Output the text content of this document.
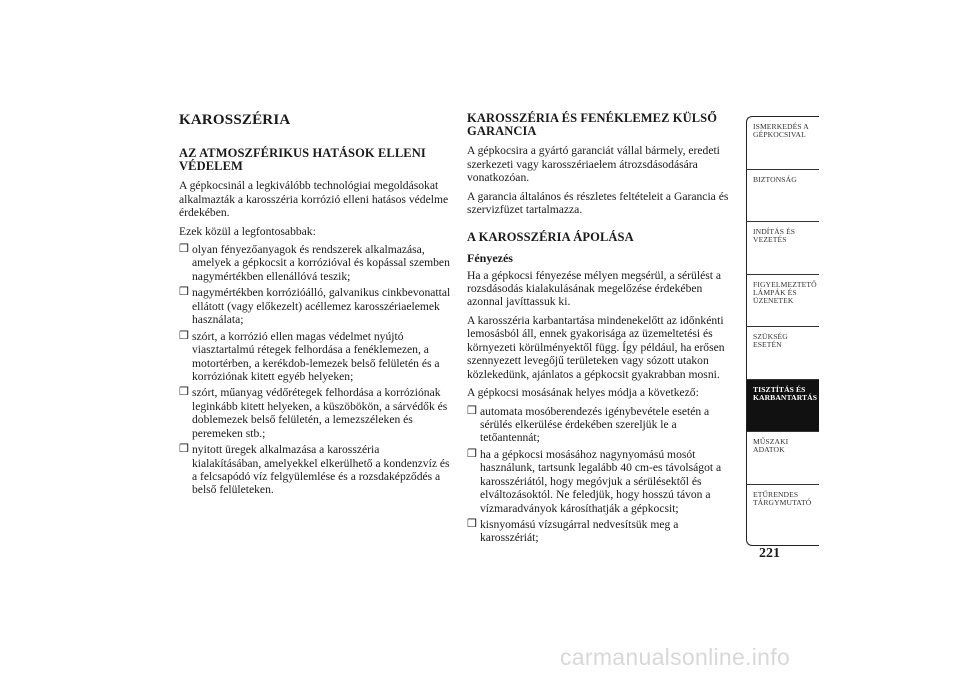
KAROSSZÉRIA
AZ ATMOSZFÉRIKUS HATÁSOK ELLENI VÉDELEM

A gépkocsinál a legkiválóbb technológiai megoldásokat alkalmazták a karosszéria korrózió elleni hatásos védelme érdekében.

Ezek közül a legfontosabbak:

❒ olyan fényezőanyagok és rendszerek alkalmazása, amelyek a gépkocsit a korrózióval és kopással szemben nagymértékben ellenállóvá teszik;
❒ nagymértékben korrózióálló, galvanikus cinkbevonattal ellátott (vagy előkezelt) acéllemez karosszériaelemek használata;
❒ szórt, a korrózió ellen magas védelmet nyújtó viasztartalmú rétegek felhordása a fenéklemezen, a motortérben, a kerékdob-lemezek belső felületén és a korróziónak kitett egyéb helyeken;
❒ szórt, műanyag védőrétegek felhordása a korróziónak leginkább kitett helyeken, a küszöbökön, a sárvédők és doblemezek belső felületén, a lemezszéleken és peremeken stb.;
❒ nyitott üregek alkalmazása a karosszéria kialakításában, amelyekkel elkerülhető a kondenzvíz és a felcsapódó víz felgyülemlése és a rozsdaképződés a belső felületeken.
KAROSSZÉRIA ÉS FENÉKLEMEZ KÜLSŐ GARANCIA

A gépkocsira a gyártó garanciát vállal bármely, eredeti szerkezeti vagy karosszériaelem átrozsdásodására vonatkozóan.

A garancia általános és részletes feltételeit a Garancia és szervizfüzet tartalmazza.

A KAROSSZÉRIA ÁPOLÁSA
Fényezés

Ha a gépkocsi fényezése mélyen megsérül, a sérülést a rozsdásodás kialakulásának megelőzése érdekében azonnal javíttassuk ki.

A karosszéria karbantartása mindenekelőtt az időnkénti lemosásból áll, ennek gyakorisága az üzemeltetési és környezeti körülményektől függ. Így például, ha erősen szennyezett levegőjű területeken vagy sózott utakon közlekedünk, ajánlatos a gépkocsit gyakrabban mosni.

A gépkocsi mosásának helyes módja a következő:

❒ automata mosóberendezés igénybevétele esetén a sérülés elkerülése érdekében szereljük le a tetőantennát;
❒ ha a gépkocsi mosásához nagynyomású mosót használunk, tartsunk legalább 40 cm-es távolságot a karosszériától, hogy megóvjuk a sérülésektől és elváltozásoktól. Ne feledjük, hogy hosszú távon a vízmaradványok károsíthatják a gépkocsit;
❒ kisnyomású vízsugárral nedvesítsük meg a karosszériát;
ISMERKEDÉS A GÉPKOCSIVAL
BIZTONSÁG
INDÍTÁS ÉS VEZETÉS
FIGYELMEZTETŐ LÁMPÁK ÉS ÜZENETEK
SZÜKSÉG ESETÉN
TISZTÍTÁS ÉS KARBANTARTÁS
MŰSZAKI ADATOK
ETŰRENDES TÁRGYMUTATÓ
221
carmanualsonline.info
